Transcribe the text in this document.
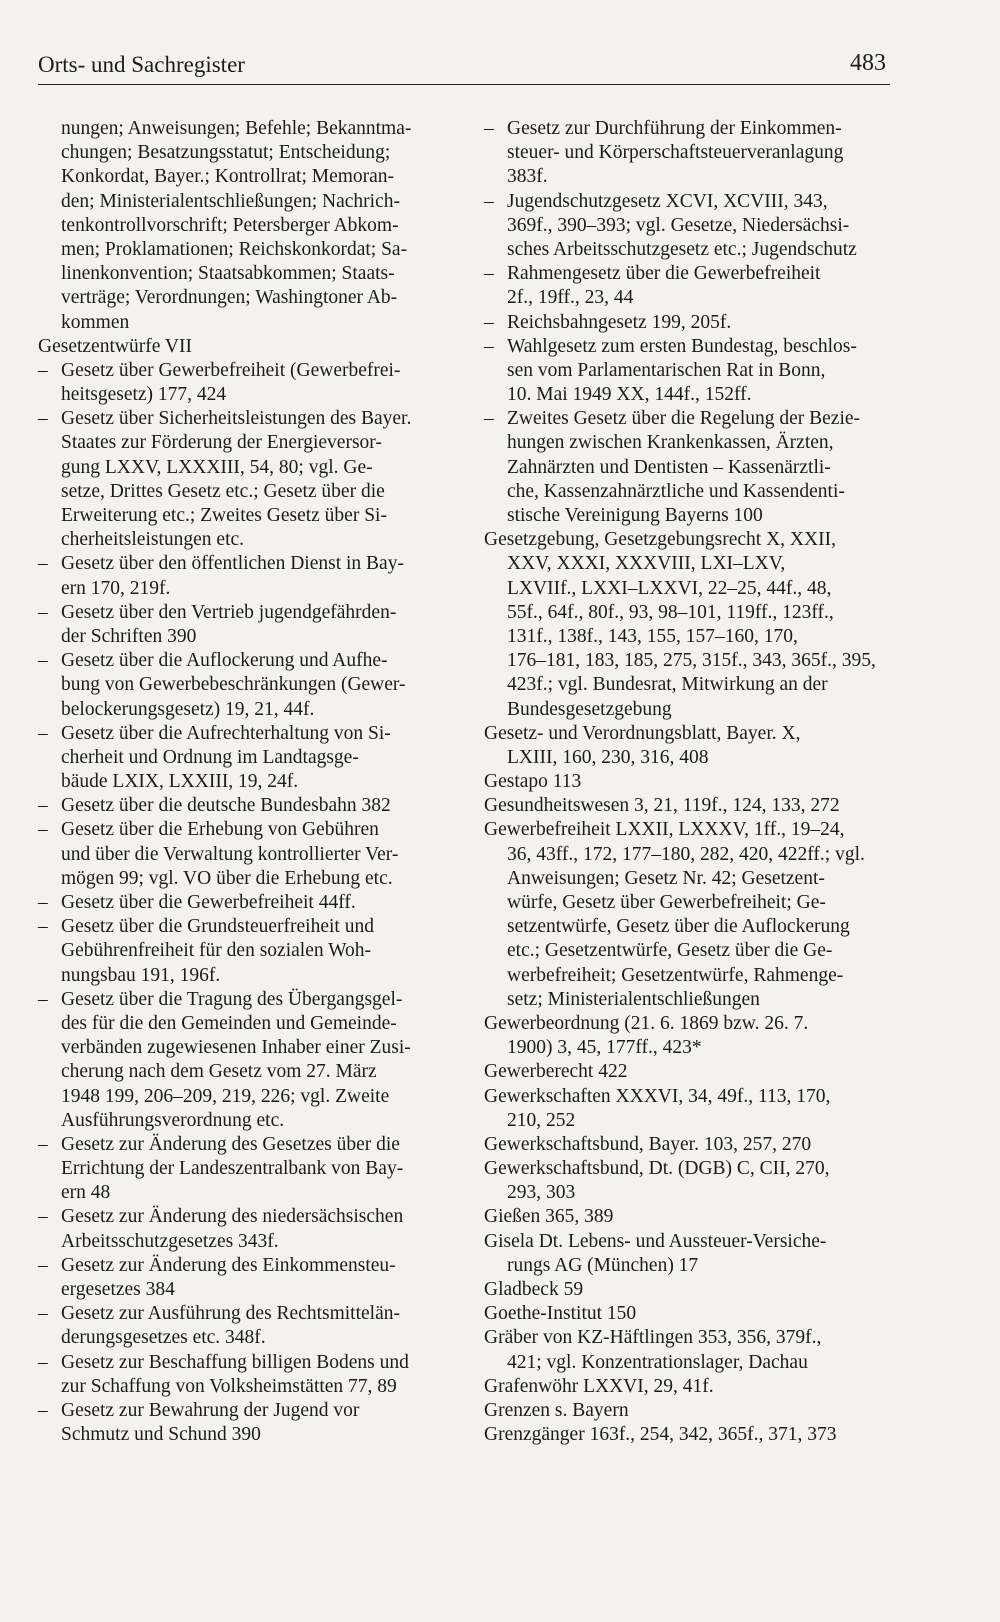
Orts- und Sachregister	483
nungen; Anweisungen; Befehle; Bekanntma-
chungen; Besatzungsstatut; Entscheidung;
Konkordat, Bayer.; Kontrollrat; Memoran-
den; Ministerialentschließungen; Nachrich-
tenkontrollvorschrift; Petersberger Abkom-
men; Proklamationen; Reichskonkordat; Sa-
linenkonvention; Staatsabkommen; Staats-
verträge; Verordnungen; Washingtoner Ab-
kommen
Gesetzentwürfe VII
– Gesetz über Gewerbefreiheit (Gewerbefrei-
heitsgesetz) 177, 424
– Gesetz über Sicherheitsleistungen des Bayer.
Staates zur Förderung der Energieversor-
gung LXXV, LXXXIII, 54, 80; vgl. Ge-
setze, Drittes Gesetz etc.; Gesetz über die
Erweiterung etc.; Zweites Gesetz über Si-
cherheitsleistungen etc.
– Gesetz über den öffentlichen Dienst in Bay-
ern 170, 219f.
– Gesetz über den Vertrieb jugendgefährden-
der Schriften 390
– Gesetz über die Auflockerung und Aufhe-
bung von Gewerbebeschränkungen (Gewer-
belockerungsgesetz) 19, 21, 44f.
– Gesetz über die Aufrechterhaltung von Si-
cherheit und Ordnung im Landtagsge-
bäude LXIX, LXXIII, 19, 24f.
– Gesetz über die deutsche Bundesbahn 382
– Gesetz über die Erhebung von Gebühren
und über die Verwaltung kontrollierter Ver-
mögen 99; vgl. VO über die Erhebung etc.
– Gesetz über die Gewerbefreiheit 44ff.
– Gesetz über die Grundsteuerfreiheit und
Gebührenfreiheit für den sozialen Woh-
nungsbau 191, 196f.
– Gesetz über die Tragung des Übergangsgel-
des für die den Gemeinden und Gemeinde-
verbänden zugewiesenen Inhaber einer Zusi-
cherung nach dem Gesetz vom 27. März
1948 199, 206–209, 219, 226; vgl. Zweite
Ausführungsverordnung etc.
– Gesetz zur Änderung des Gesetzes über die
Errichtung der Landeszentralbank von Bay-
ern 48
– Gesetz zur Änderung des niedersächsischen
Arbeitsschutzgesetzes 343f.
– Gesetz zur Änderung des Einkommensteu-
ergesetzes 384
– Gesetz zur Ausführung des Rechtsmittelän-
derungsgesetzes etc. 348f.
– Gesetz zur Beschaffung billigen Bodens und
zur Schaffung von Volksheimstätten 77, 89
– Gesetz zur Bewahrung der Jugend vor
Schmutz und Schund 390
– Gesetz zur Durchführung der Einkommen-
steuer- und Körperschaftsteuerveranlagung
383f.
– Jugendschutzgesetz XCVI, XCVIII, 343,
369f., 390–393; vgl. Gesetze, Niedersächsi-
sches Arbeitsschutzgesetz etc.; Jugendschutz
– Rahmengesetz über die Gewerbefreiheit
2f., 19ff., 23, 44
– Reichsbahngesetz 199, 205f.
– Wahlgesetz zum ersten Bundestag, beschlos-
sen vom Parlamentarischen Rat in Bonn,
10. Mai 1949 XX, 144f., 152ff.
– Zweites Gesetz über die Regelung der Bezie-
hungen zwischen Krankenkassen, Ärzten,
Zahnärzten und Dentisten – Kassenärztli-
che, Kassenzahnärztliche und Kassendenti-
stische Vereinigung Bayerns 100
Gesetzgebung, Gesetzgebungsrecht X, XXII,
XXV, XXXI, XXXVIII, LXI–LXV,
LXVIIf., LXXI–LXXVI, 22–25, 44f., 48,
55f., 64f., 80f., 93, 98–101, 119ff., 123ff.,
131f., 138f., 143, 155, 157–160, 170,
176–181, 183, 185, 275, 315f., 343, 365f., 395,
423f.; vgl. Bundesrat, Mitwirkung an der
Bundesgesetzgebung
Gesetz- und Verordnungsblatt, Bayer. X,
LXIII, 160, 230, 316, 408
Gestapo 113
Gesundheitswesen 3, 21, 119f., 124, 133, 272
Gewerbefreiheit LXXII, LXXXV, 1ff., 19–24,
36, 43ff., 172, 177–180, 282, 420, 422ff.; vgl.
Anweisungen; Gesetz Nr. 42; Gesetzent-
würfe, Gesetz über Gewerbefreiheit; Ge-
setzentwürfe, Gesetz über die Auflockerung
etc.; Gesetzentwürfe, Gesetz über die Ge-
werbefreiheit; Gesetzentwürfe, Rahmenge-
setz; Ministerialentschließungen
Gewerbeordnung (21. 6. 1869 bzw. 26. 7.
1900) 3, 45, 177ff., 423*
Gewerberecht 422
Gewerkschaften XXXVI, 34, 49f., 113, 170,
210, 252
Gewerkschaftsbund, Bayer. 103, 257, 270
Gewerkschaftsbund, Dt. (DGB) C, CII, 270,
293, 303
Gießen 365, 389
Gisela Dt. Lebens- und Aussteuer-Versiche-
rungs AG (München) 17
Gladbeck 59
Goethe-Institut 150
Gräber von KZ-Häftlingen 353, 356, 379f.,
421; vgl. Konzentrationslager, Dachau
Grafenwöhr LXXVI, 29, 41f.
Grenzen s. Bayern
Grenzgänger 163f., 254, 342, 365f., 371, 373
